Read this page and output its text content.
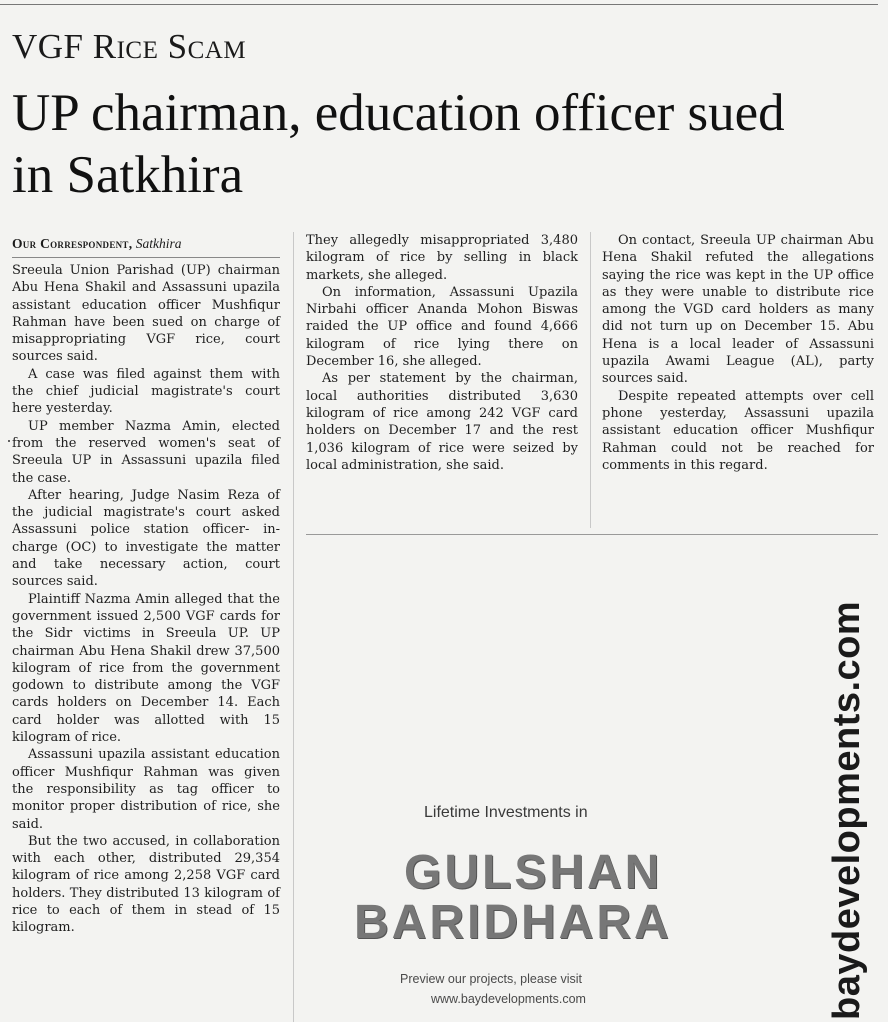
VGF Rice Scam
UP chairman, education officer sued in Satkhira
Our Correspondent, Satkhira

Sreeula Union Parishad (UP) chairman Abu Hena Shakil and Assassuni upazila assistant education officer Mushfiqur Rahman have been sued on charge of misappropriating VGF rice, court sources said.

A case was filed against them with the chief judicial magistrate's court here yesterday.

UP member Nazma Amin, elected from the reserved women's seat of Sreeula UP in Assassuni upazila filed the case.

After hearing, Judge Nasim Reza of the judicial magistrate's court asked Assassuni police station officer- in-charge (OC) to investigate the matter and take necessary action, court sources said.

Plaintiff Nazma Amin alleged that the government issued 2,500 VGF cards for the Sidr victims in Sreeula UP. UP chairman Abu Hena Shakil drew 37,500 kilogram of rice from the government godown to distribute among the VGF cards holders on December 14. Each card holder was allotted with 15 kilogram of rice.

Assassuni upazila assistant education officer Mushfiqur Rahman was given the responsibility as tag officer to monitor proper distribution of rice, she said.

But the two accused, in collaboration with each other, distributed 29,354 kilogram of rice among 2,258 VGF card holders. They distributed 13 kilogram of rice to each of them in stead of 15 kilogram.

They allegedly misappropriated 3,480 kilogram of rice by selling in black markets, she alleged.

On information, Assassuni Upazila Nirbahi officer Ananda Mohon Biswas raided the UP office and found 4,666 kilogram of rice lying there on December 16, she alleged.

As per statement by the chairman, local authorities distributed 3,630 kilogram of rice among 242 VGF card holders on December 17 and the rest 1,036 kilogram of rice were seized by local administration, she said.

On contact, Sreeula UP chairman Abu Hena Shakil refuted the allegations saying the rice was kept in the UP office as they were unable to distribute rice among the VGD card holders as many did not turn up on December 15. Abu Hena is a local leader of Assassuni upazila Awami League (AL), party sources said.

Despite repeated attempts over cell phone yesterday, Assassuni upazila assistant education officer Mushfiqur Rahman could not be reached for comments in this regard.

Lifetime Investments in
GULSHAN
BARIDHARA
Preview our projects, please visit
www.baydevelopments.com	baydevelopments.com
